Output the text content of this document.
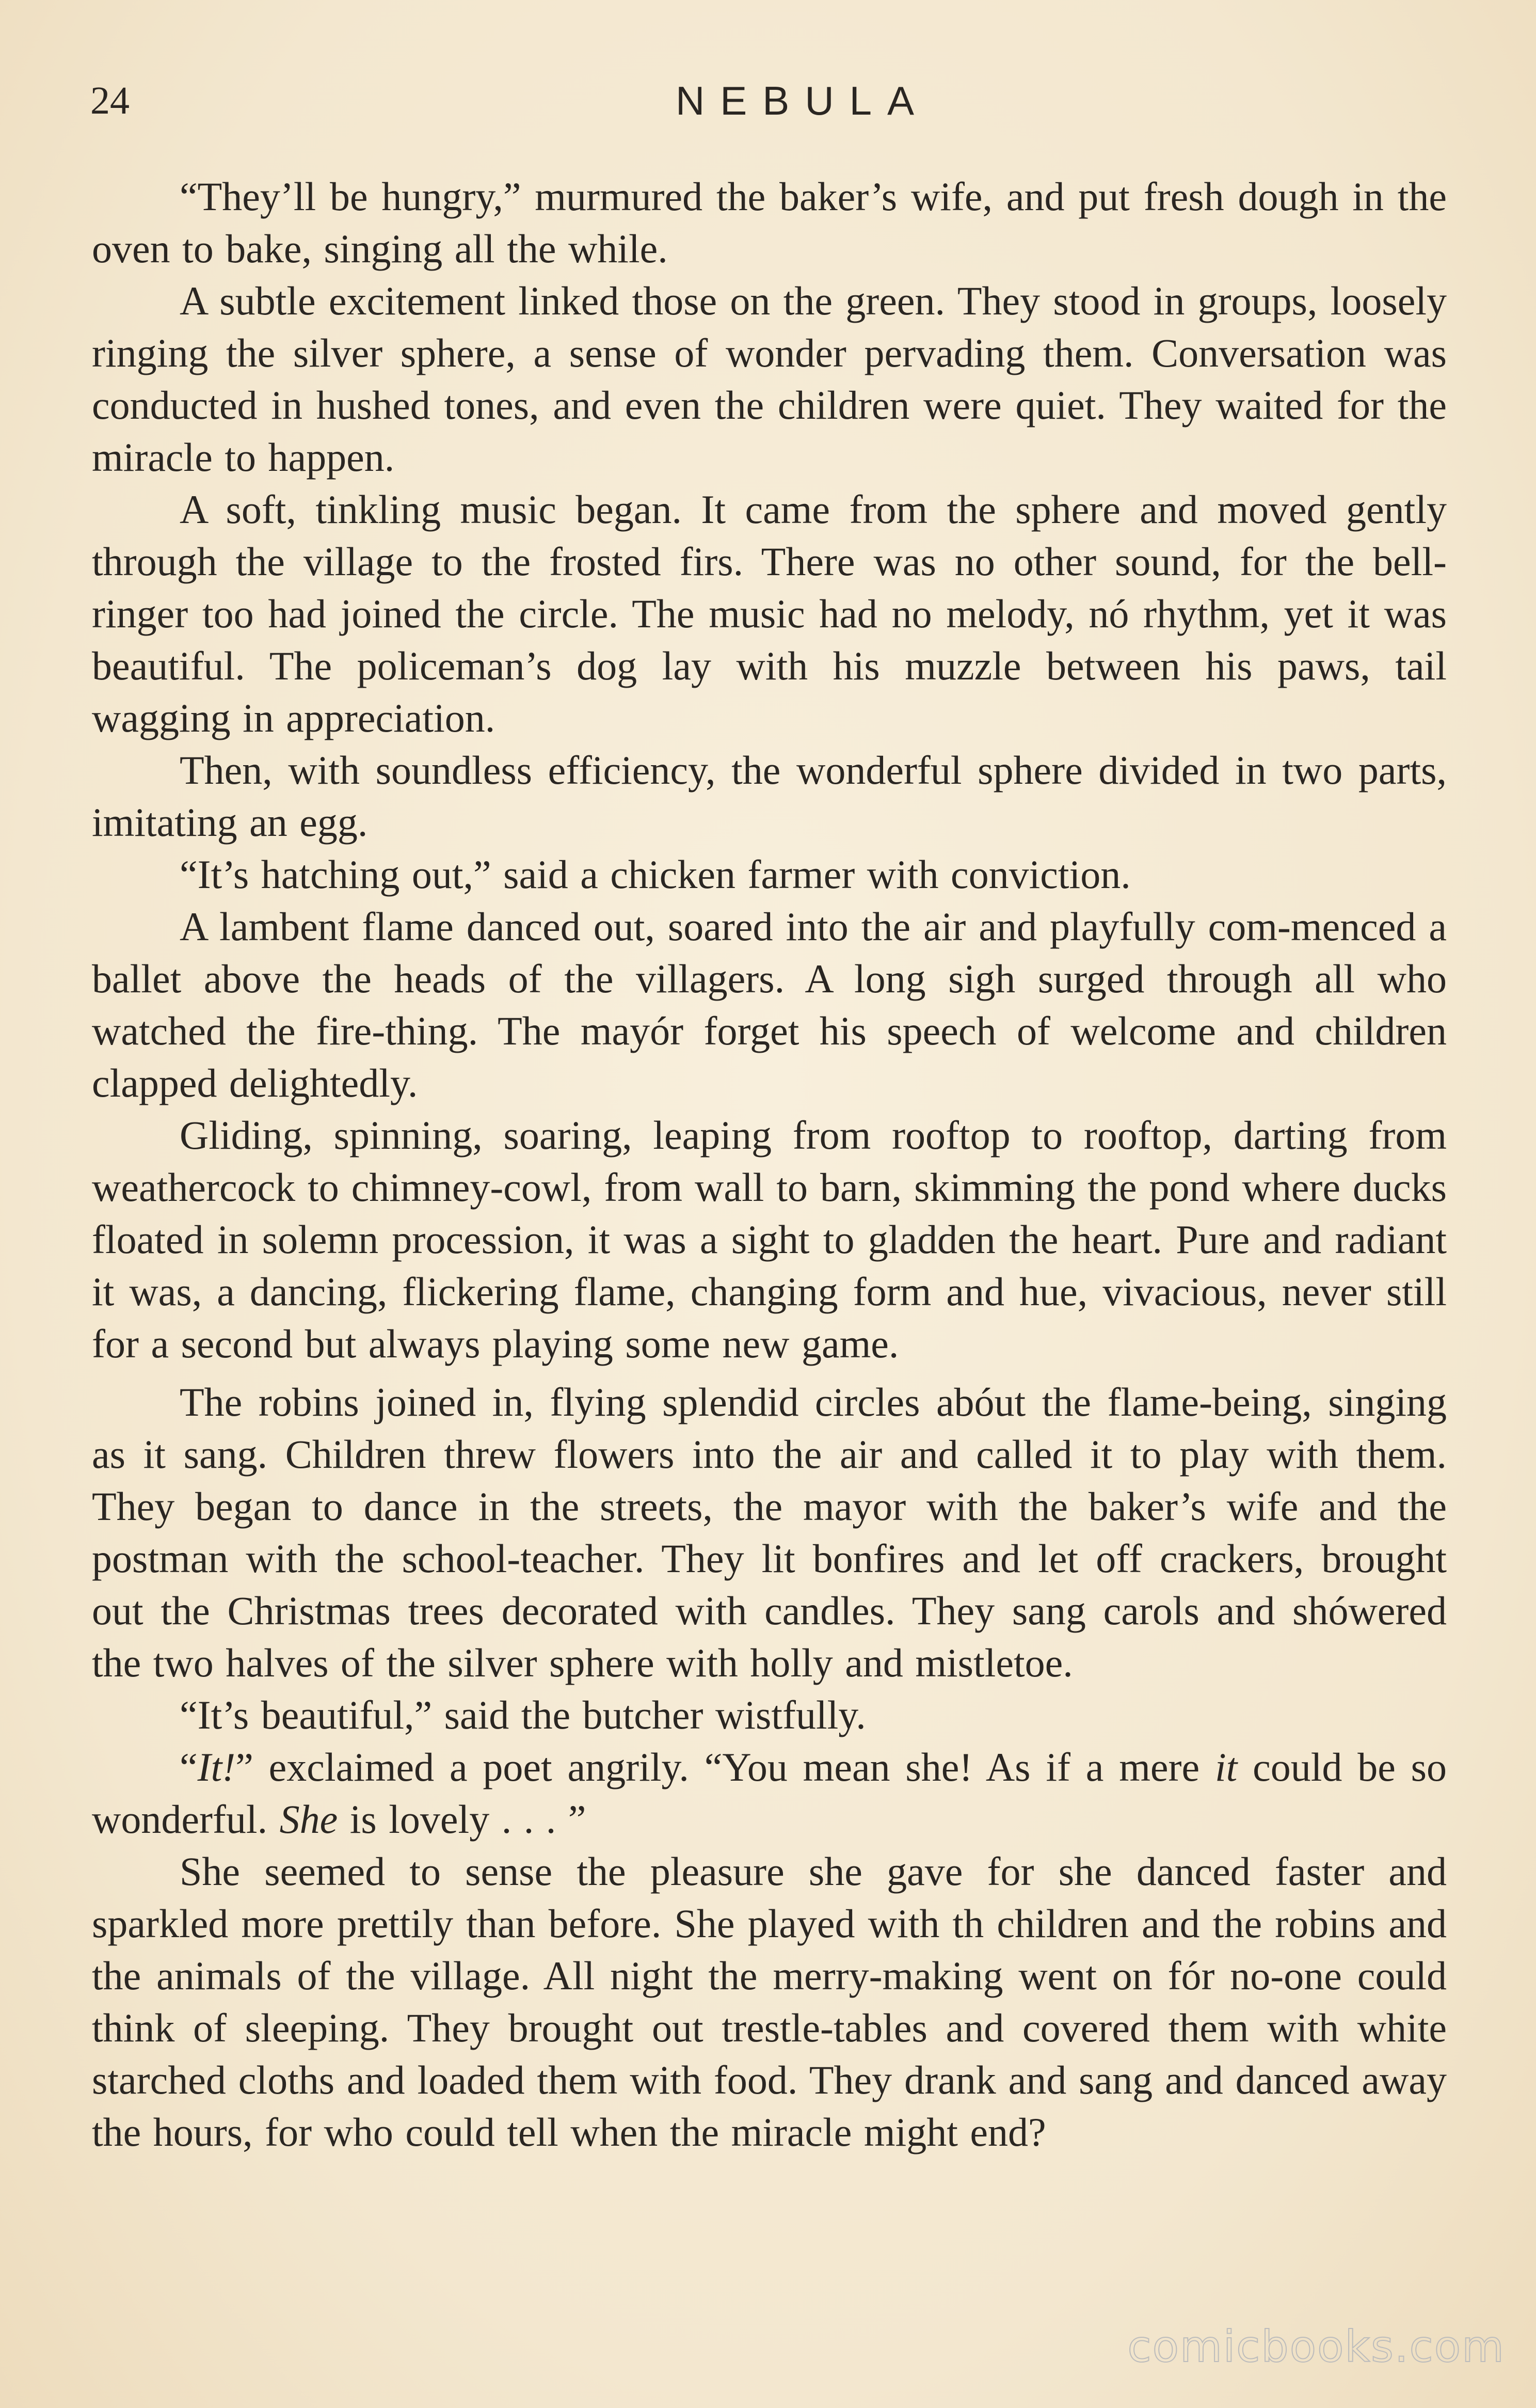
24	NEBULA

“They’ll be hungry,” murmured the baker’s wife, and put fresh dough in the oven to bake, singing all the while.

A subtle excitement linked those on the green. They stood in groups, loosely ringing the silver sphere, a sense of wonder pervading them. Conversation was conducted in hushed tones, and even the children were quiet. They waited for the miracle to happen.

A soft, tinkling music began. It came from the sphere and moved gently through the village to the frosted firs. There was no other sound, for the bell-ringer too had joined the circle. The music had no melody, nó rhythm, yet it was beautiful. The policeman’s dog lay with his muzzle between his paws, tail wagging in appreciation.

Then, with soundless efficiency, the wonderful sphere divided in two parts, imitating an egg.

“It’s hatching out,” said a chicken farmer with conviction.

A lambent flame danced out, soared into the air and playfully com-menced a ballet above the heads of the villagers. A long sigh surged through all who watched the fire-thing. The mayór forget his speech of welcome and children clapped delightedly.

Gliding, spinning, soaring, leaping from rooftop to rooftop, darting from weathercock to chimney-cowl, from wall to barn, skimming the pond where ducks floated in solemn procession, it was a sight to gladden the heart. Pure and radiant it was, a dancing, flickering flame, changing form and hue, vivacious, never still for a second but always playing some new game.

The robins joined in, flying splendid circles abóut the flame-being, singing as it sang. Children threw flowers into the air and called it to play with them. They began to dance in the streets, the mayor with the baker’s wife and the postman with the school-teacher. They lit bonfires and let off crackers, brought out the Christmas trees decorated with candles. They sang carols and shówered the two halves of the silver sphere with holly and mistletoe.

“It’s beautiful,” said the butcher wistfully.

“It!” exclaimed a poet angrily. “You mean she! As if a mere it could be so wonderful. She is lovely . . . ”

She seemed to sense the pleasure she gave for she danced faster and sparkled more prettily than before. She played with th children and the robins and the animals of the village. All night the merry-making went on fór no-one could think of sleeping. They brought out trestle-tables and covered them with white starched cloths and loaded them with food. They drank and sang and danced away the hours, for who could tell when the miracle might end?

comicbooks.com
